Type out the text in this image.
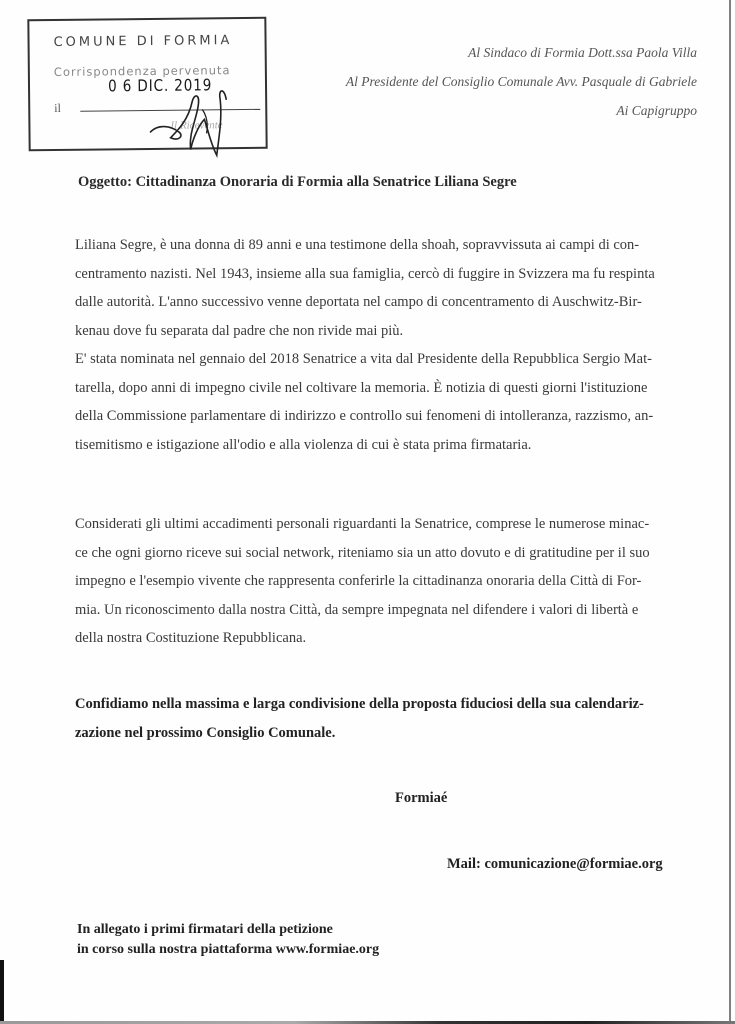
COMUNE DI FORMIA
Corrispondenza pervenuta
il
0 6 DIC. 2019
Il Ricevente
Al Sindaco di Formia Dott.ssa Paola Villa
Al Presidente del Consiglio Comunale Avv. Pasquale di Gabriele
Ai Capigruppo
Oggetto: Cittadinanza Onoraria di Formia alla Senatrice Liliana Segre
Liliana Segre, è una donna di 89 anni e una testimone della shoah, sopravvissuta ai campi di con-
centramento nazisti. Nel 1943, insieme alla sua famiglia, cercò di fuggire in Svizzera ma fu respinta
dalle autorità. L'anno successivo venne deportata nel campo di concentramento di Auschwitz-Bir-
kenau dove fu separata dal padre che non rivide mai più.
E' stata nominata nel gennaio del 2018 Senatrice a vita dal Presidente della Repubblica Sergio Mat-
tarella, dopo anni di impegno civile nel coltivare la memoria. È notizia di questi giorni l'istituzione
della Commissione parlamentare di indirizzo e controllo sui fenomeni di intolleranza, razzismo, an-
tisemitismo e istigazione all'odio e alla violenza di cui è stata prima firmataria.
Considerati gli ultimi accadimenti personali riguardanti la Senatrice, comprese le numerose minac-
ce che ogni giorno riceve sui social network, riteniamo sia un atto dovuto e di gratitudine per il suo
impegno e l'esempio vivente che rappresenta conferirle la cittadinanza onoraria della Città di For-
mia. Un riconoscimento dalla nostra Città, da sempre impegnata nel difendere i valori di libertà e
della nostra Costituzione Repubblicana.
Confidiamo nella massima e larga condivisione della proposta fiduciosi della sua calendariz-
zazione nel prossimo Consiglio Comunale.
Formiaé
Mail: comunicazione@formiae.org
In allegato i primi firmatari della petizione
in corso sulla nostra piattaforma www.formiae.org
